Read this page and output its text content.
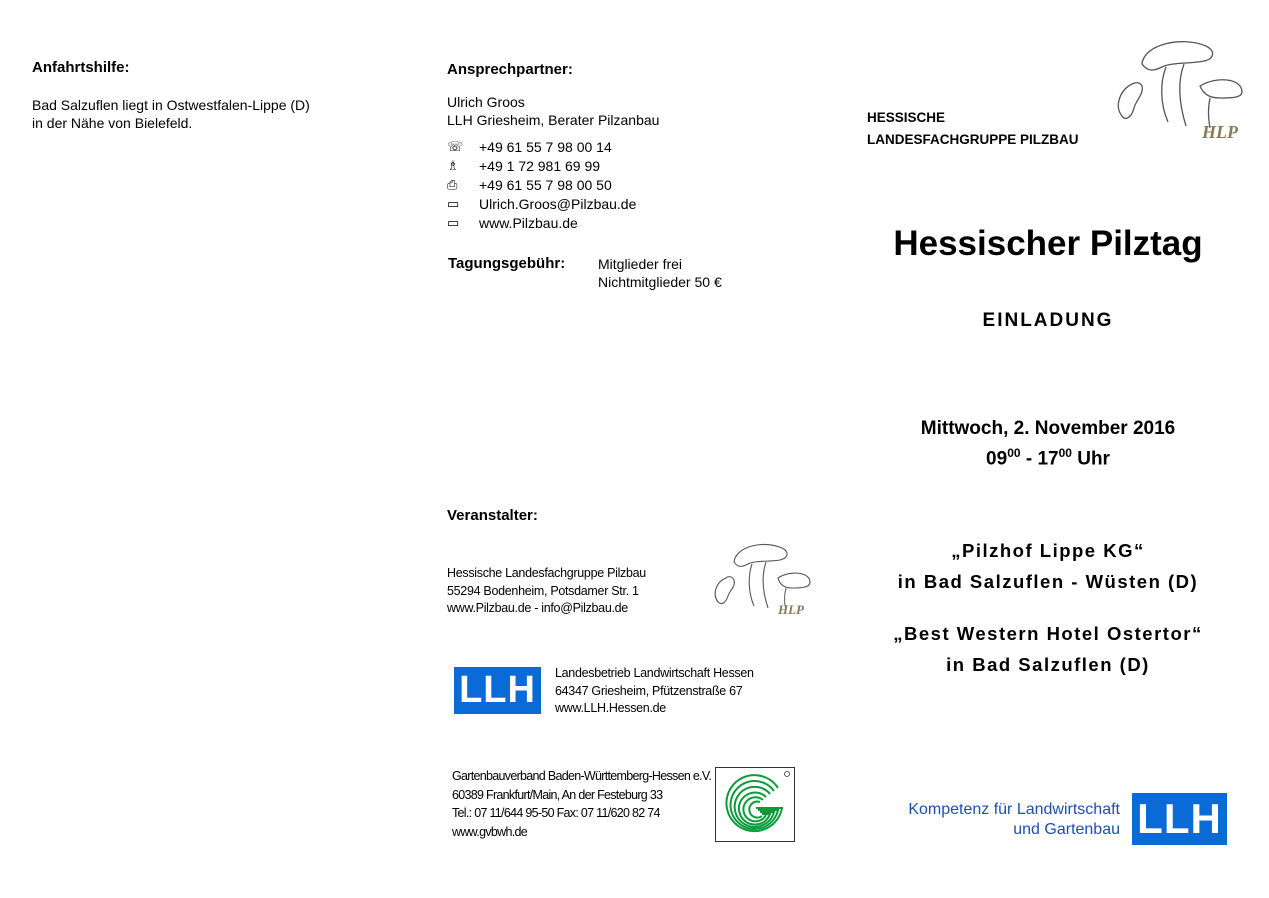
Anfahrtshilfe:
Bad Salzuflen liegt in Ostwestfalen-Lippe (D)
in der Nähe von Bielefeld.
Ansprechpartner:
Ulrich Groos
LLH Griesheim, Berater Pilzanbau
☏	+49 61 55 7 98 00 14
♗	+49 1 72 981 69 99
⎙	+49 61 55 7 98 00 50
▭	Ulrich.Groos@Pilzbau.de
▭	www.Pilzbau.de
Tagungsgebühr: Mitglieder frei
Nichtmitglieder 50 €
Veranstalter:
Hessische Landesfachgruppe Pilzbau
55294 Bodenheim, Potsdamer Str. 1
www.Pilzbau.de - info@Pilzbau.de	HLP
LLH	Landesbetrieb Landwirtschaft Hessen
64347 Griesheim, Pfützenstraße 67
www.LLH.Hessen.de
Gartenbauverband Baden-Württemberg-Hessen e.V.
60389 Frankfurt/Main, An der Festeburg 33
Tel.: 07 11/644 95-50 Fax: 07 11/620 82 74
www.gvbwh.de
HESSISCHE
LANDESFACHGRUPPE PILZBAU	HLP
Hessischer Pilztag
EINLADUNG
Mittwoch, 2. November 2016
$09^{00} - 17^{00}$ Uhr
„Pilzhof Lippe KG“
in Bad Salzuflen - Wüsten (D)
„Best Western Hotel Ostertor“
in Bad Salzuflen (D)
Kompetenz für Landwirtschaft
und Gartenbau LLH
